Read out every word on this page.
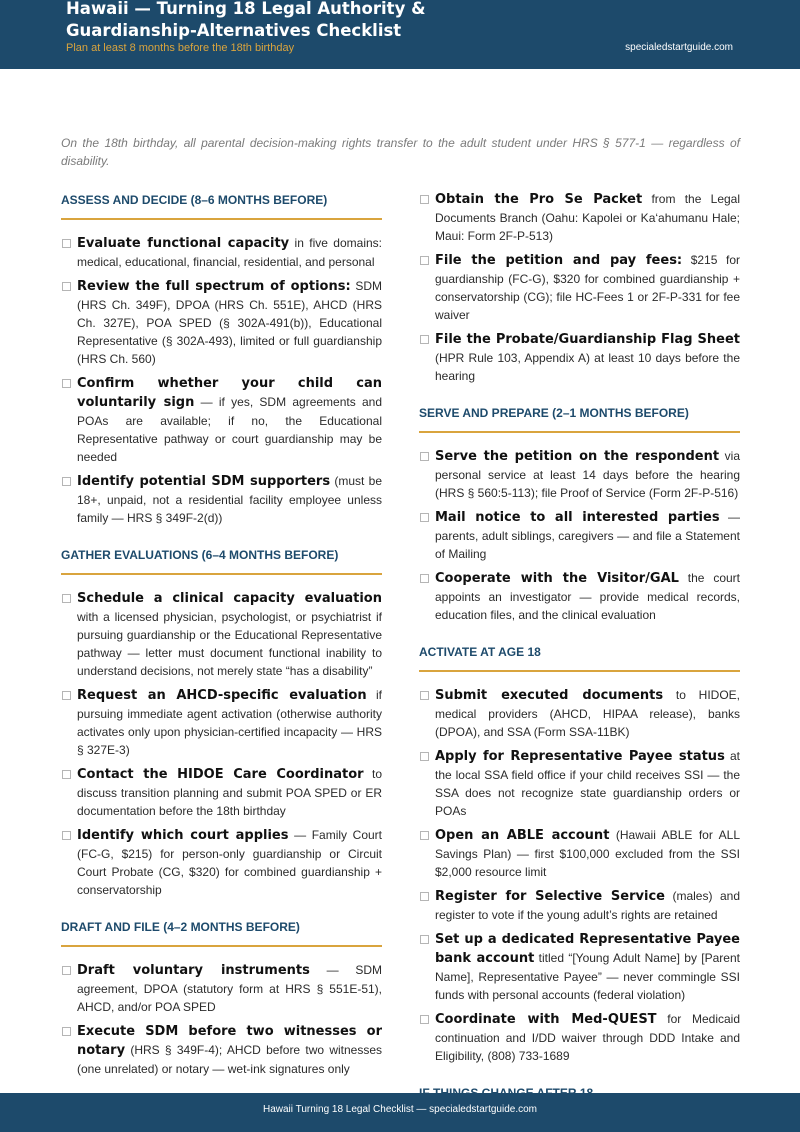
Hawaii — Turning 18 Legal Authority & Guardianship-Alternatives Checklist
Plan at least 8 months before the 18th birthday	specialedstartguide.com
On the 18th birthday, all parental decision-making rights transfer to the adult student under HRS § 577-1 — regardless of disability.
ASSESS AND DECIDE (8–6 MONTHS BEFORE)
Evaluate functional capacity in five domains: medical, educational, financial, residential, and personal
Review the full spectrum of options: SDM (HRS Ch. 349F), DPOA (HRS Ch. 551E), AHCD (HRS Ch. 327E), POA SPED (§ 302A-491(b)), Educational Representative (§ 302A-493), limited or full guardianship (HRS Ch. 560)
Confirm whether your child can voluntarily sign — if yes, SDM agreements and POAs are available; if no, the Educational Representative pathway or court guardianship may be needed
Identify potential SDM supporters (must be 18+, unpaid, not a residential facility employee unless family — HRS § 349F-2(d))
GATHER EVALUATIONS (6–4 MONTHS BEFORE)
Schedule a clinical capacity evaluation with a licensed physician, psychologist, or psychiatrist if pursuing guardianship or the Educational Representative pathway — letter must document functional inability to understand decisions, not merely state “has a disability”
Request an AHCD-specific evaluation if pursuing immediate agent activation (otherwise authority activates only upon physician-certified incapacity — HRS § 327E-3)
Contact the HIDOE Care Coordinator to discuss transition planning and submit POA SPED or ER documentation before the 18th birthday
Identify which court applies — Family Court (FC-G, $215) for person-only guardianship or Circuit Court Probate (CG, $320) for combined guardianship + conservatorship
DRAFT AND FILE (4–2 MONTHS BEFORE)
Draft voluntary instruments — SDM agreement, DPOA (statutory form at HRS § 551E-51), AHCD, and/or POA SPED
Execute SDM before two witnesses or notary (HRS § 349F-4); AHCD before two witnesses (one unrelated) or notary — wet-ink signatures only
Obtain the Pro Se Packet from the Legal Documents Branch (Oahu: Kapolei or Ka‘ahumanu Hale; Maui: Form 2F-P-513)
File the petition and pay fees: $215 for guardianship (FC-G), $320 for combined guardianship + conservatorship (CG); file HC-Fees 1 or 2F-P-331 for fee waiver
File the Probate/Guardianship Flag Sheet (HPR Rule 103, Appendix A) at least 10 days before the hearing
SERVE AND PREPARE (2–1 MONTHS BEFORE)
Serve the petition on the respondent via personal service at least 14 days before the hearing (HRS § 560:5-113); file Proof of Service (Form 2F-P-516)
Mail notice to all interested parties — parents, adult siblings, caregivers — and file a Statement of Mailing
Cooperate with the Visitor/GAL the court appoints an investigator — provide medical records, education files, and the clinical evaluation
ACTIVATE AT AGE 18
Submit executed documents to HIDOE, medical providers (AHCD, HIPAA release), banks (DPOA), and SSA (Form SSA-11BK)
Apply for Representative Payee status at the local SSA field office if your child receives SSI — the SSA does not recognize state guardianship orders or POAs
Open an ABLE account (Hawaii ABLE for ALL Savings Plan) — first $100,000 excluded from the SSI $2,000 resource limit
Register for Selective Service (males) and register to vote if the young adult’s rights are retained
Set up a dedicated Representative Payee bank account titled “[Young Adult Name] by [Parent Name], Representative Payee” — never commingle SSI funds with personal accounts (federal violation)
Coordinate with Med-QUEST for Medicaid continuation and I/DD waiver through DDD Intake and Eligibility, (808) 733-1689
Hawaii Turning 18 Legal Checklist — specialedstartguide.com
